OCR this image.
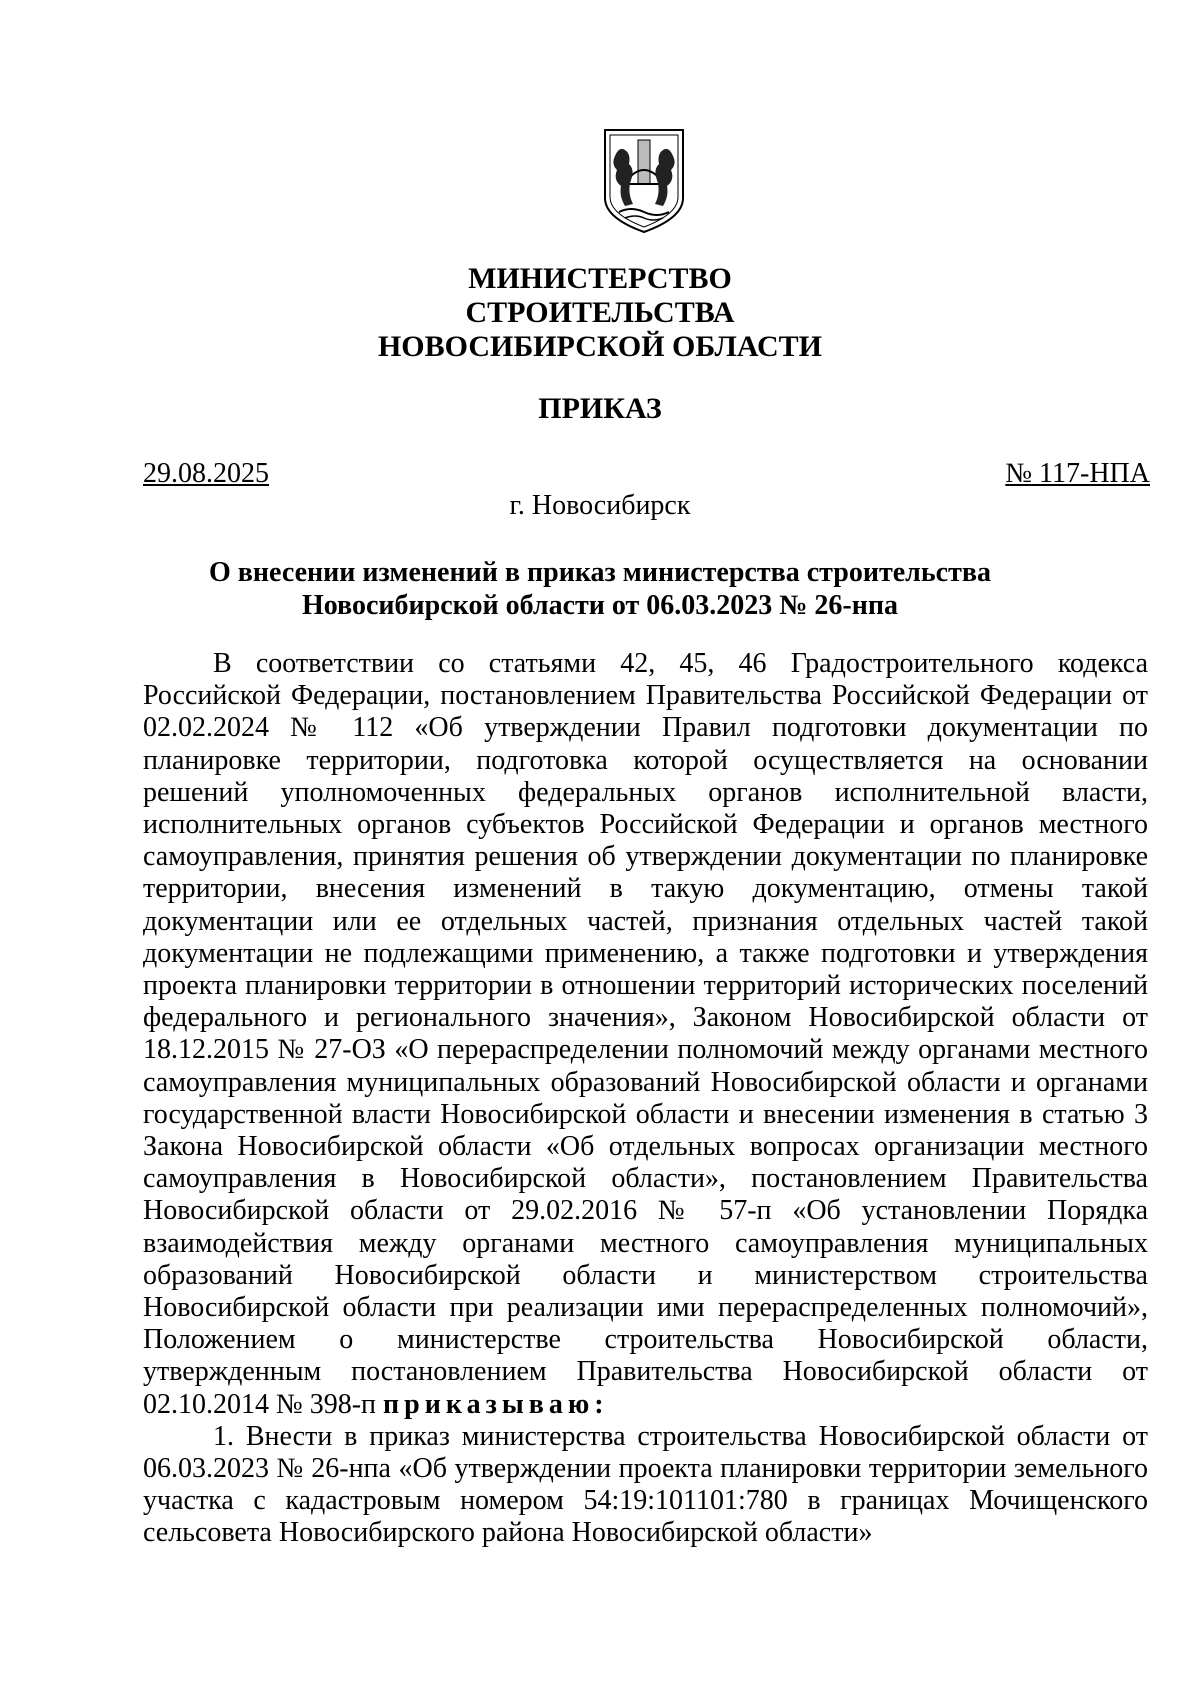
МИНИСТЕРСТВО
СТРОИТЕЛЬСТВА
НОВОСИБИРСКОЙ ОБЛАСТИ
ПРИКАЗ
29.08.2025	№ 117-НПА
г. Новосибирск
О внесении изменений в приказ министерства строительства
Новосибирской области от 06.03.2023 № 26-нпа

В соответствии со статьями 42, 45, 46 Градостроительного кодекса Российской Федерации, постановлением Правительства Российской Федерации от 02.02.2024 № 112 «Об утверждении Правил подготовки документации по планировке территории, подготовка которой осуществляется на основании решений уполномоченных федеральных органов исполнительной власти, исполнительных органов субъектов Российской Федерации и органов местного самоуправления, принятия решения об утверждении документации по планировке территории, внесения изменений в такую документацию, отмены такой документации или ее отдельных частей, признания отдельных частей такой документации не подлежащими применению, а также подготовки и утверждения проекта планировки территории в отношении территорий исторических поселений федерального и регионального значения», Законом Новосибирской области от 18.12.2015 № 27-ОЗ «О перераспределении полномочий между органами местного самоуправления муниципальных образований Новосибирской области и органами государственной власти Новосибирской области и внесении изменения в статью 3 Закона Новосибирской области «Об отдельных вопросах организации местного самоуправления в Новосибирской области», постановлением Правительства Новосибирской области от 29.02.2016 № 57-п «Об установлении Порядка взаимодействия между органами местного самоуправления муниципальных образований Новосибирской области и министерством строительства Новосибирской области при реализации ими перераспределенных полномочий», Положением о министерстве строительства Новосибирской области, утвержденным постановлением Правительства Новосибирской области от 02.10.2014 № 398-п приказываю:

1. Внести в приказ министерства строительства Новосибирской области от 06.03.2023 № 26-нпа «Об утверждении проекта планировки территории земельного участка с кадастровым номером 54:19:101101:780 в границах Мочищенского сельсовета Новосибирского района Новосибирской области»
